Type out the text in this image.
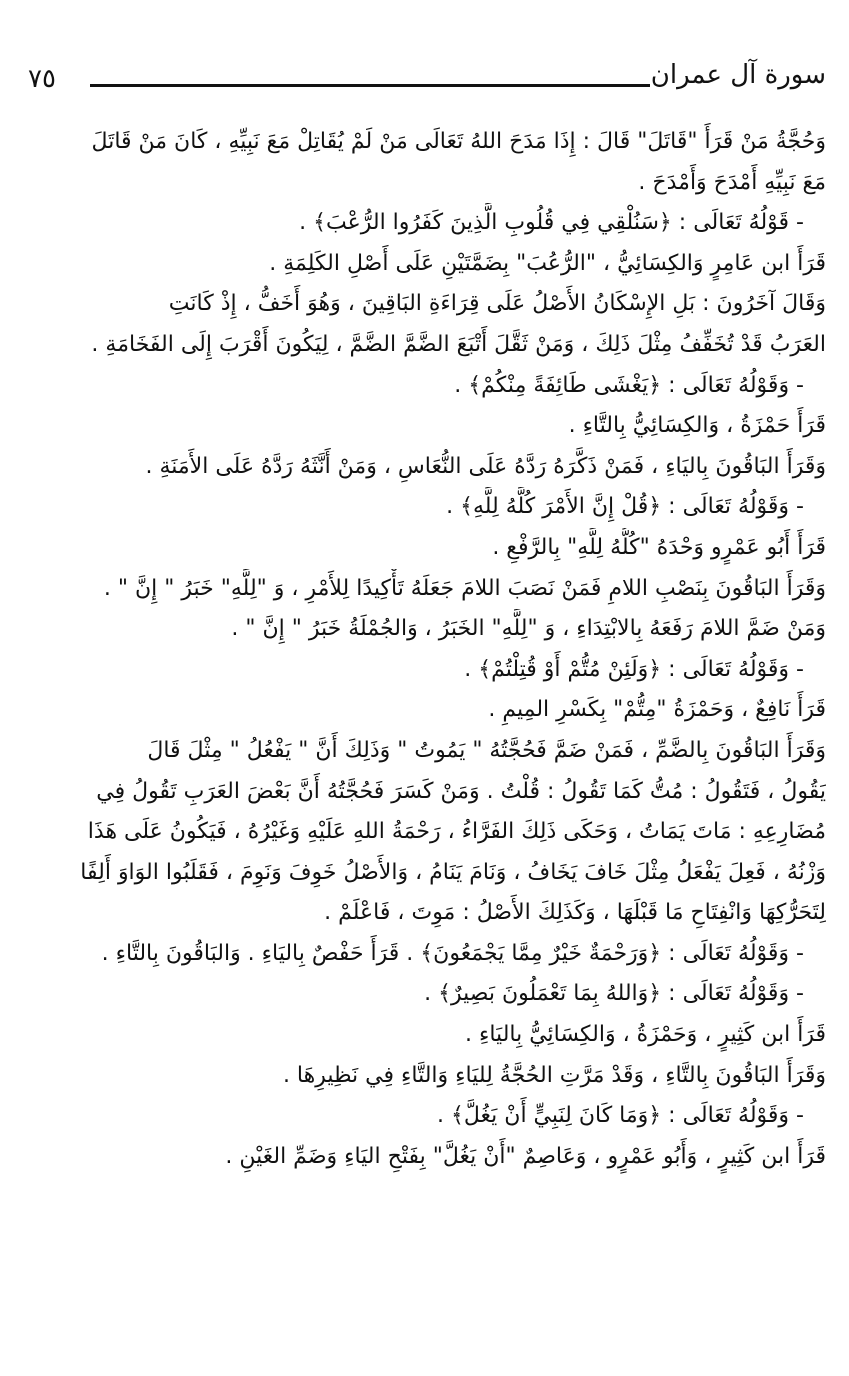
٧٥	سورة آل عمران
وَحُجَّةُ مَنْ قَرَأَ "قَاتَلَ" قَالَ : إِذَا مَدَحَ اللهُ تَعَالَى مَنْ لَمْ يُقَاتِلْ مَعَ نَبِيِّهِ ، كَانَ مَنْ قَاتَلَ
مَعَ نَبِيِّهِ أَمْدَحَ وَأَمْدَحَ .
- قَوْلُهُ تَعَالَى : ﴿سَنُلْقِي فِي قُلُوبِ الَّذِينَ كَفَرُوا الرُّعْبَ﴾ .
قَرَأَ ابن عَامِرٍ وَالكِسَائِيُّ ، "الرُّعُبَ" بِضَمَّتَيْنِ عَلَى أَصْلِ الكَلِمَةِ .
وَقَالَ آخَرُونَ : بَلِ الإِسْكَانُ الأَصْلُ عَلَى قِرَاءَةِ البَاقِينَ ، وَهُوَ أَخَفُّ ، إِذْ كَانَتِ
العَرَبُ قَدْ تُخَفِّفُ مِثْلَ ذَلِكَ ، وَمَنْ ثَقَّلَ أَتْبَعَ الضَّمَّ الضَّمَّ ، لِيَكُونَ أَقْرَبَ إِلَى الفَخَامَةِ .
- وَقَوْلُهُ تَعَالَى : ﴿يَغْشَى طَائِفَةً مِنْكُمْ﴾ .
قَرَأَ حَمْزَةُ ، وَالكِسَائِيُّ بِالتَّاءِ .
وَقَرَأَ البَاقُونَ بِاليَاءِ ، فَمَنْ ذَكَّرَهُ رَدَّهُ عَلَى النُّعَاسِ ، وَمَنْ أَنَّثَهُ رَدَّهُ عَلَى الأَمَنَةِ .
- وَقَوْلُهُ تَعَالَى : ﴿قُلْ إِنَّ الأَمْرَ كُلَّهُ لِلَّهِ﴾ .
قَرَأَ أَبُو عَمْرٍو وَحْدَهُ "كُلُّهُ لِلَّهِ" بِالرَّفْعِ .
وَقَرَأَ البَاقُونَ بِنَصْبِ اللامِ فَمَنْ نَصَبَ اللامَ جَعَلَهُ تَأْكِيدًا لِلأَمْرِ ، وَ "لِلَّهِ" خَبَرُ " إِنَّ " .
وَمَنْ ضَمَّ اللامَ رَفَعَهُ بِالابْتِدَاءِ ، وَ "لِلَّهِ" الخَبَرُ ، وَالجُمْلَةُ خَبَرُ " إِنَّ " .
- وَقَوْلُهُ تَعَالَى : ﴿وَلَئِنْ مُتُّمْ أَوْ قُتِلْتُمْ﴾ .
قَرَأَ نَافِعٌ ، وَحَمْزَةُ "مِتُّمْ" بِكَسْرِ المِيمِ .
وَقَرَأَ البَاقُونَ بِالضَّمِّ ، فَمَنْ ضَمَّ فَحُجَّتُهُ " يَمُوتُ " وَذَلِكَ أَنَّ " يَفْعُلُ " مِثْلَ قَالَ
يَقُولُ ، فَتَقُولُ : مُتُّ كَمَا تَقُولُ : قُلْتُ . وَمَنْ كَسَرَ فَحُجَّتُهُ أَنَّ بَعْضَ العَرَبِ تَقُولُ فِي
مُضَارِعِهِ : مَاتَ يَمَاتُ ، وَحَكَى ذَلِكَ الفَرَّاءُ ، رَحْمَةُ اللهِ عَلَيْهِ وَغَيْرُهُ ، فَيَكُونُ عَلَى هَذَا
وَزْنُهُ ، فَعِلَ يَفْعَلُ مِثْلَ خَافَ يَخَافُ ، وَنَامَ يَنَامُ ، وَالأَصْلُ خَوِفَ وَنَوِمَ ، فَقَلَبُوا الوَاوَ أَلِفًا
لِتَحَرُّكِهَا وَانْفِتَاحِ مَا قَبْلَهَا ، وَكَذَلِكَ الأَصْلُ : مَوِتَ ، فَاعْلَمْ .
- وَقَوْلُهُ تَعَالَى : ﴿وَرَحْمَةٌ خَيْرٌ مِمَّا يَجْمَعُونَ﴾ . قَرَأَ حَفْصٌ بِاليَاءِ . وَالبَاقُونَ بِالتَّاءِ .
- وَقَوْلُهُ تَعَالَى : ﴿وَاللهُ بِمَا تَعْمَلُونَ بَصِيرٌ﴾ .
قَرَأَ ابن كَثِيرٍ ، وَحَمْزَةُ ، وَالكِسَائِيُّ بِاليَاءِ .
وَقَرَأَ البَاقُونَ بِالتَّاءِ ، وَقَدْ مَرَّتِ الحُجَّةُ لِليَاءِ وَالتَّاءِ فِي نَظِيرِهَا .
- وَقَوْلُهُ تَعَالَى : ﴿وَمَا كَانَ لِنَبِيٍّ أَنْ يَغُلَّ﴾ .
قَرَأَ ابن كَثِيرٍ ، وَأَبُو عَمْرٍو ، وَعَاصِمٌ "أَنْ يَغُلَّ" بِفَتْحِ اليَاءِ وَضَمِّ الغَيْنِ .
